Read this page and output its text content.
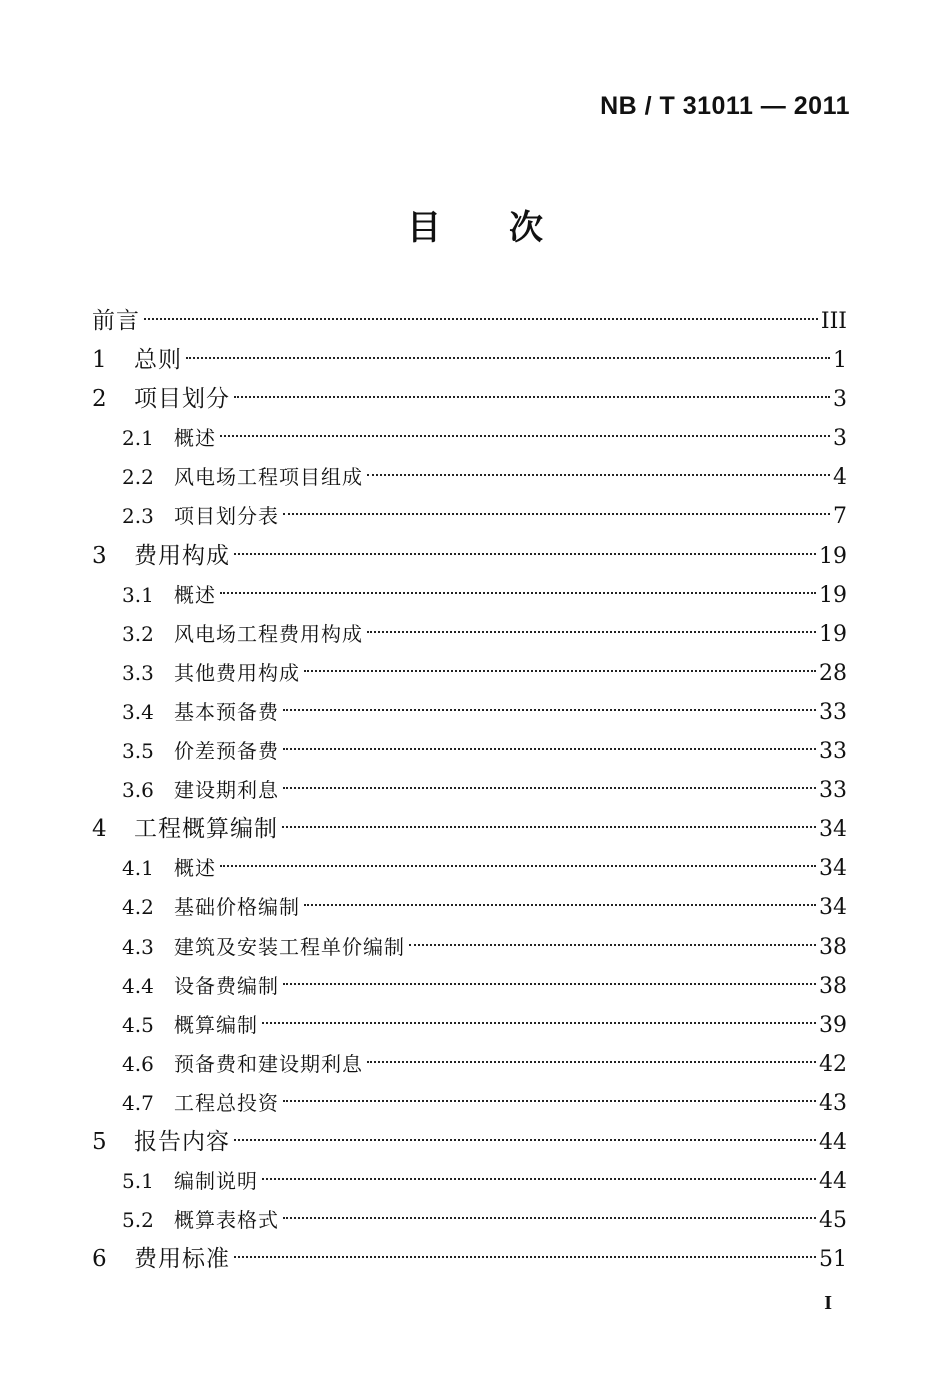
NB / T 31011 — 2011
目次
前言	III
1	总则	1
2	项目划分	3
2.1	概述	3
2.2	风电场工程项目组成	4
2.3	项目划分表	7
3	费用构成	19
3.1	概述	19
3.2	风电场工程费用构成	19
3.3	其他费用构成	28
3.4	基本预备费	33
3.5	价差预备费	33
3.6	建设期利息	33
4	工程概算编制	34
4.1	概述	34
4.2	基础价格编制	34
4.3	建筑及安装工程单价编制	38
4.4	设备费编制	38
4.5	概算编制	39
4.6	预备费和建设期利息	42
4.7	工程总投资	43
5	报告内容	44
5.1	编制说明	44
5.2	概算表格式	45
6	费用标准	51
I
